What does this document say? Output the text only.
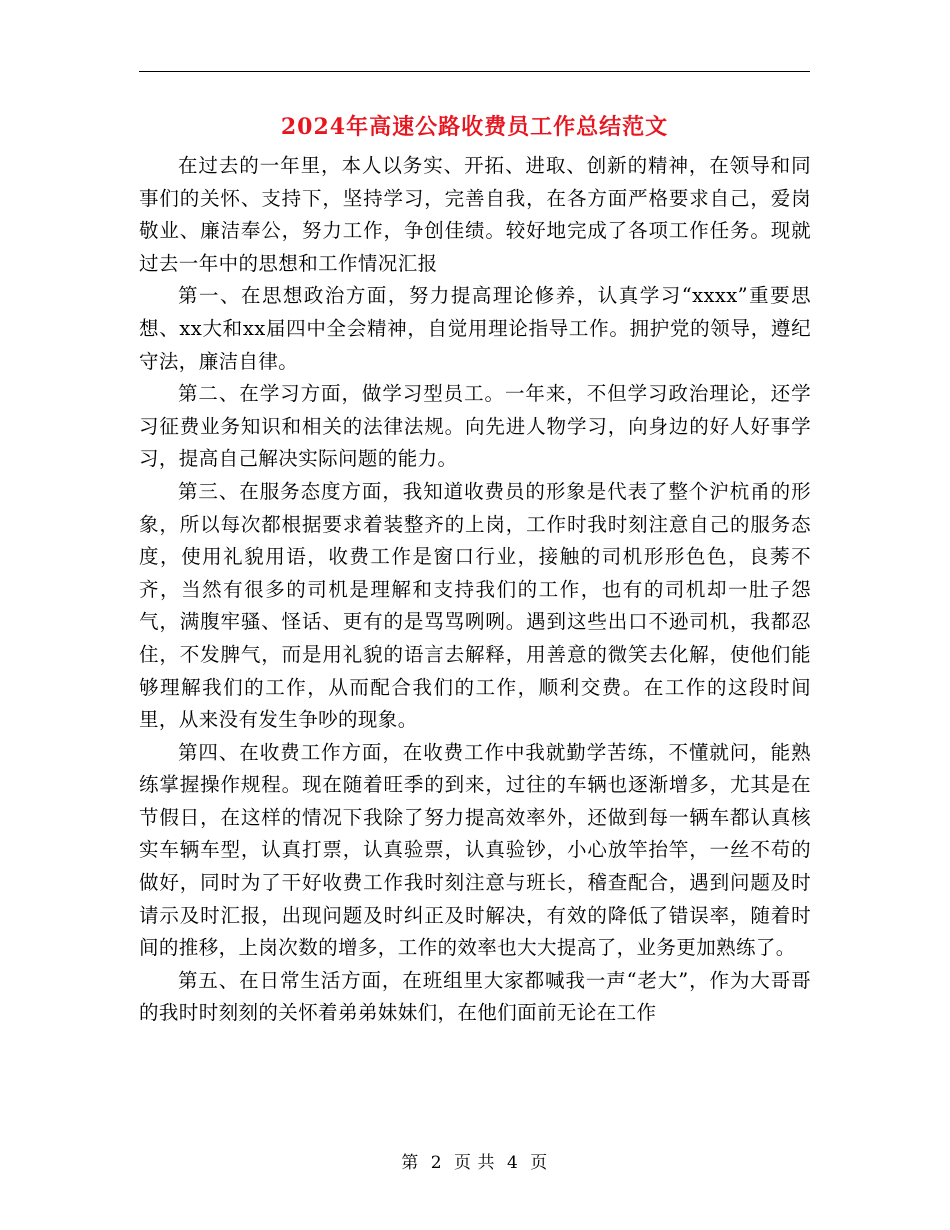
2024年高速公路收费员工作总结范文

在过去的一年里，本人以务实、开拓、进取、创新的精神，在领导和同事们的关怀、支持下，坚持学习，完善自我，在各方面严格要求自己，爱岗敬业、廉洁奉公，努力工作，争创佳绩。较好地完成了各项工作任务。现就过去一年中的思想和工作情况汇报

第一、在思想政治方面，努力提高理论修养，认真学习“xxxx”重要思想、xx大和xx届四中全会精神，自觉用理论指导工作。拥护党的领导，遵纪守法，廉洁自律。

第二、在学习方面，做学习型员工。一年来，不但学习政治理论，还学习征费业务知识和相关的法律法规。向先进人物学习，向身边的好人好事学习，提高自己解决实际问题的能力。

第三、在服务态度方面，我知道收费员的形象是代表了整个沪杭甬的形象，所以每次都根据要求着装整齐的上岗，工作时我时刻注意自己的服务态度，使用礼貌用语，收费工作是窗口行业，接触的司机形形色色，良莠不齐，当然有很多的司机是理解和支持我们的工作，也有的司机却一肚子怨气，满腹牢骚、怪话、更有的是骂骂咧咧。遇到这些出口不逊司机，我都忍住，不发脾气，而是用礼貌的语言去解释，用善意的微笑去化解，使他们能够理解我们的工作，从而配合我们的工作，顺利交费。在工作的这段时间里，从来没有发生争吵的现象。

第四、在收费工作方面，在收费工作中我就勤学苦练，不懂就问，能熟练掌握操作规程。现在随着旺季的到来，过往的车辆也逐渐增多，尤其是在节假日，在这样的情况下我除了努力提高效率外，还做到每一辆车都认真核实车辆车型，认真打票，认真验票，认真验钞，小心放竿抬竿，一丝不苟的做好，同时为了干好收费工作我时刻注意与班长，稽查配合，遇到问题及时请示及时汇报，出现问题及时纠正及时解决，有效的降低了错误率，随着时间的推移，上岗次数的增多，工作的效率也大大提高了，业务更加熟练了。

第五、在日常生活方面，在班组里大家都喊我一声“老大”，作为大哥哥的我时时刻刻的关怀着弟弟妹妹们，在他们面前无论在工作

第 2 页 共 4 页
